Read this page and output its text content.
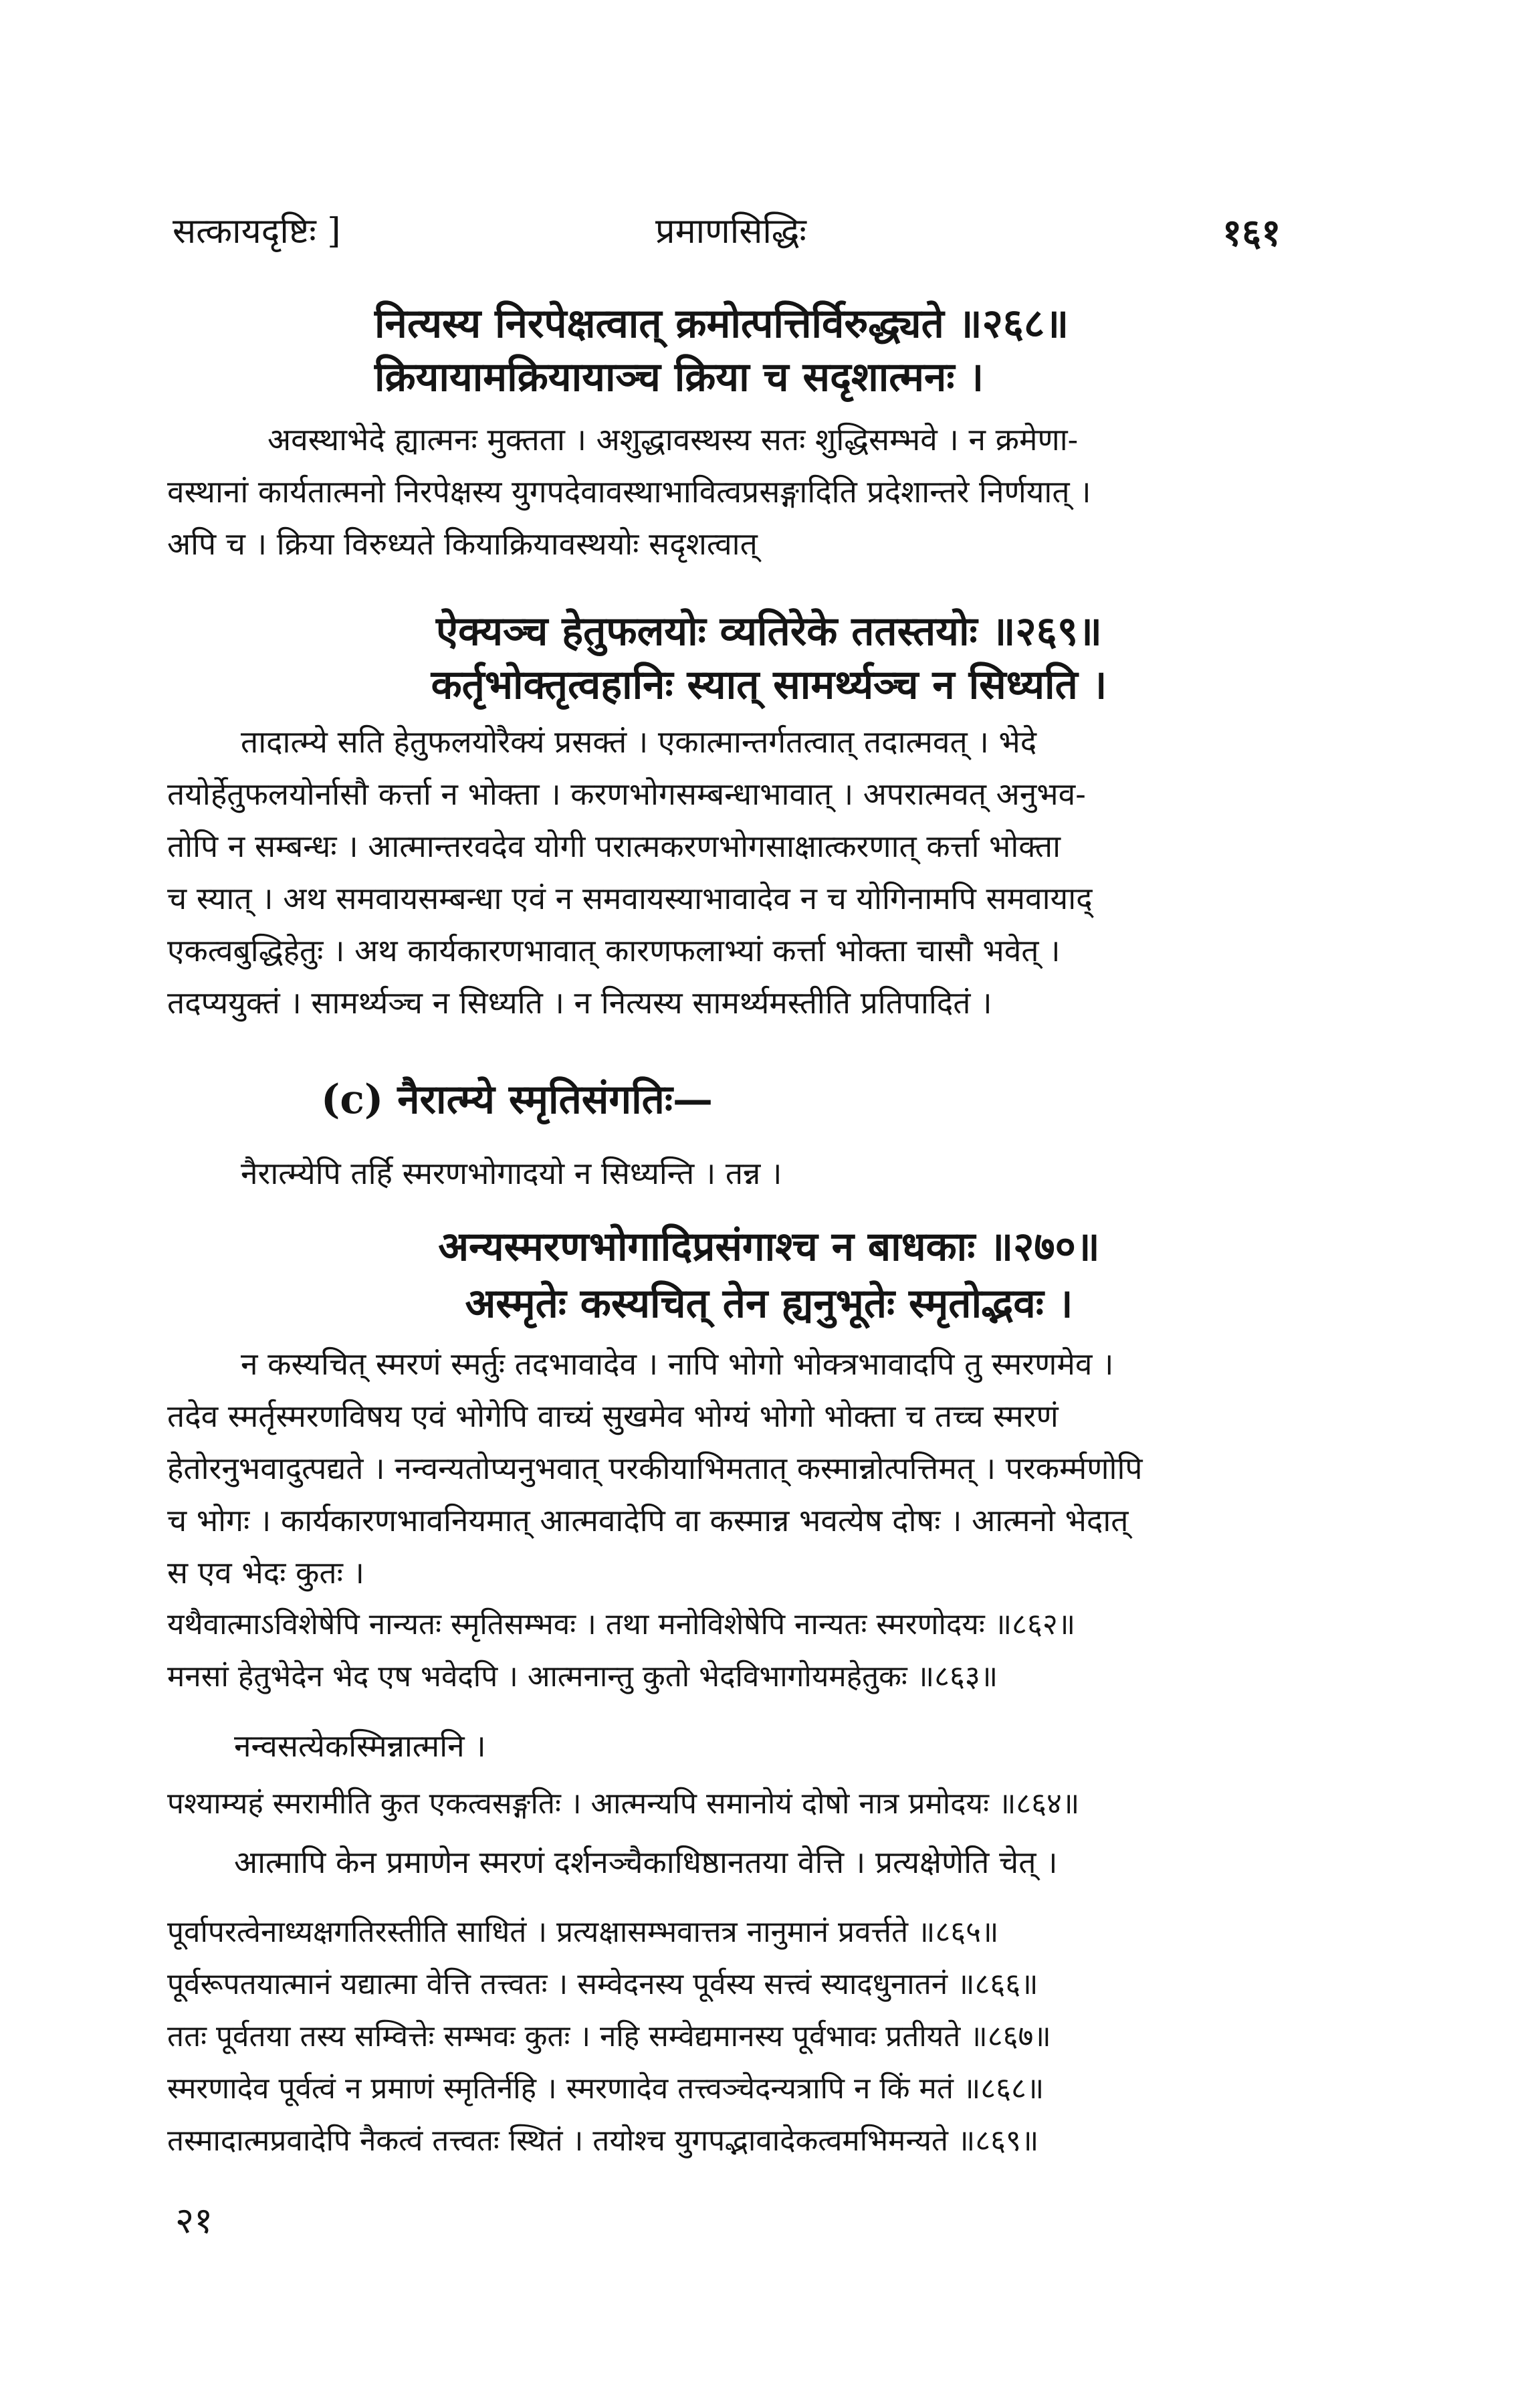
सत्कायदृष्टिः ]	प्रमाणसिद्धिः	१६१
नित्यस्य निरपेक्षत्वात् क्रमोत्पत्तिर्विरुद्ध्यते ॥२६८॥
क्रियायामक्रियायाञ्च क्रिया च सदृशात्मनः ।
अवस्थाभेदे ह्यात्मनः मुक्तता । अशुद्धावस्थस्य सतः शुद्धिसम्भवे । न क्रमेणा-
वस्थानां कार्यतात्मनो निरपेक्षस्य युगपदेवावस्थाभावित्वप्रसङ्गादिति प्रदेशान्तरे निर्णयात् ।
अपि च । क्रिया विरुध्यते कियाक्रियावस्थयोः सदृशत्वात्
ऐक्यञ्च हेतुफलयोः व्यतिरेके ततस्तयोः ॥२६९॥
कर्तृभोक्तृत्वहानिः स्यात् सामर्थ्यञ्च न सिध्यति ।
तादात्म्ये सति हेतुफलयोरैक्यं प्रसक्तं । एकात्मान्तर्गतत्वात् तदात्मवत् । भेदे
तयोर्हेतुफलयोर्नासौ कर्त्ता न भोक्ता । करणभोगसम्बन्धाभावात् । अपरात्मवत् अनुभव-
तोपि न सम्बन्धः । आत्मान्तरवदेव योगी परात्मकरणभोगसाक्षात्करणात् कर्त्ता भोक्ता
च स्यात् । अथ समवायसम्बन्धा एवं न समवायस्याभावादेव न च योगिनामपि समवायाद्
एकत्वबुद्धिहेतुः । अथ कार्यकारणभावात् कारणफलाभ्यां कर्त्ता भोक्ता चासौ भवेत् ।
तदप्ययुक्तं । सामर्थ्यञ्च न सिध्यति । न नित्यस्य सामर्थ्यमस्तीति प्रतिपादितं ।
(c) नैरात्म्ये स्मृतिसंगतिः—
नैरात्म्येपि तर्हि स्मरणभोगादयो न सिध्यन्ति । तन्न ।
अन्यस्मरणभोगादिप्रसंगाश्च न बाधकाः ॥२७०॥
अस्मृतेः कस्यचित् तेन ह्यनुभूतेः स्मृतोद्भवः ।
न कस्यचित् स्मरणं स्मर्तुः तदभावादेव । नापि भोगो भोक्त्रभावादपि तु स्मरणमेव ।
तदेव स्मर्तृस्मरणविषय एवं भोगेपि वाच्यं सुखमेव भोग्यं भोगो भोक्ता च तच्च स्मरणं
हेतोरनुभवादुत्पद्यते । नन्वन्यतोप्यनुभवात् परकीयाभिमतात् कस्मान्नोत्पत्तिमत् । परकर्म्मणोपि
च भोगः । कार्यकारणभावनियमात् आत्मवादेपि वा कस्मान्न भवत्येष दोषः । आत्मनो भेदात्
स एव भेदः कुतः ।
यथैवात्माऽविशेषेपि नान्यतः स्मृतिसम्भवः । तथा मनोविशेषेपि नान्यतः स्मरणोदयः ॥८६२॥
मनसां हेतुभेदेन भेद एष भवेदपि । आत्मनान्तु कुतो भेदविभागोयमहेतुकः ॥८६३॥
नन्वसत्येकस्मिन्नात्मनि ।
पश्याम्यहं स्मरामीति कुत एकत्वसङ्गतिः । आत्मन्यपि समानोयं दोषो नात्र प्रमोदयः ॥८६४॥
आत्मापि केन प्रमाणेन स्मरणं दर्शनञ्चैकाधिष्ठानतया वेत्ति । प्रत्यक्षेणेति चेत् ।
पूर्वापरत्वेनाध्यक्षगतिरस्तीति साधितं । प्रत्यक्षासम्भवात्तत्र नानुमानं प्रवर्त्तते ॥८६५॥
पूर्वरूपतयात्मानं यद्यात्मा वेत्ति तत्त्वतः । सम्वेदनस्य पूर्वस्य सत्त्वं स्यादधुनातनं ॥८६६॥
ततः पूर्वतया तस्य सम्वित्तेः सम्भवः कुतः । नहि सम्वेद्यमानस्य पूर्वभावः प्रतीयते ॥८६७॥
स्मरणादेव पूर्वत्वं न प्रमाणं स्मृतिर्नहि । स्मरणादेव तत्त्वञ्चेदन्यत्रापि न किं मतं ॥८६८॥
तस्मादात्मप्रवादेपि नैकत्वं तत्त्वतः स्थितं । तयोश्च युगपद्भावादेकत्वमभिमन्यते ॥८६९॥
२१
